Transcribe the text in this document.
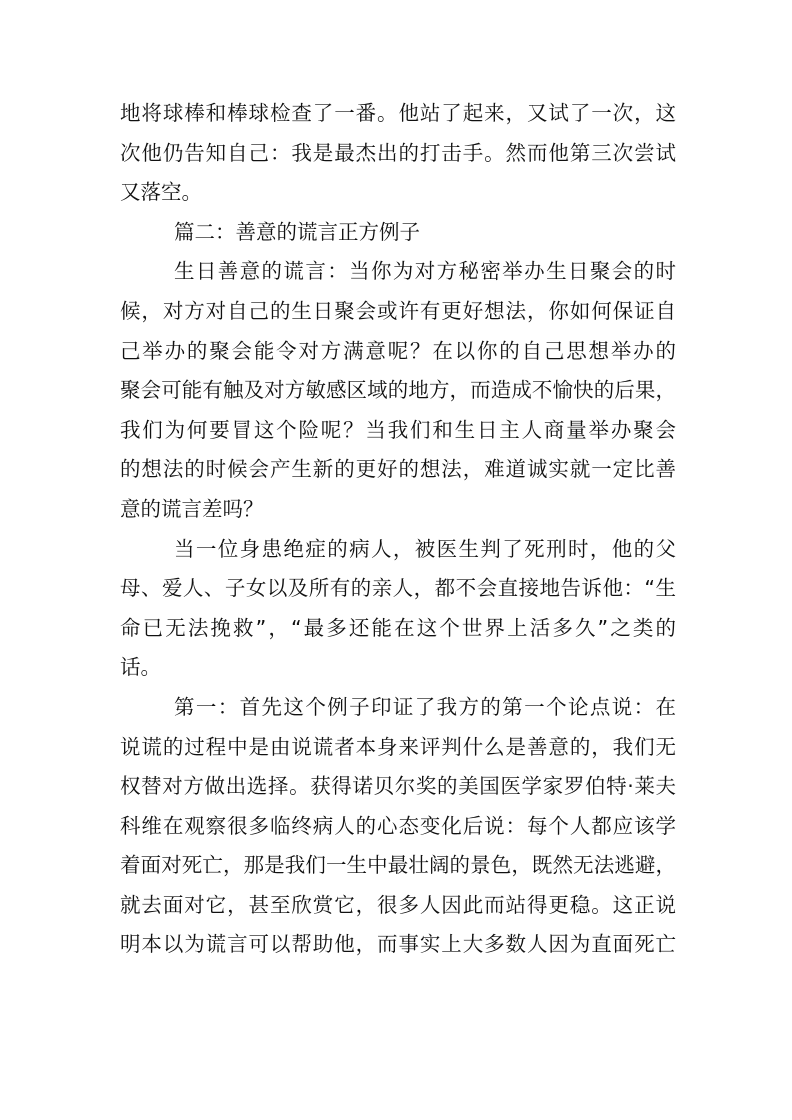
地将球棒和棒球检查了一番。他站了起来，又试了一次，这
次他仍告知自己：我是最杰出的打击手。然而他第三次尝试
又落空。
篇二：善意的谎言正方例子
生日善意的谎言：当你为对方秘密举办生日聚会的时
候，对方对自己的生日聚会或许有更好想法，你如何保证自
己举办的聚会能令对方满意呢？在以你的自己思想举办的
聚会可能有触及对方敏感区域的地方，而造成不愉快的后果，
我们为何要冒这个险呢？当我们和生日主人商量举办聚会
的想法的时候会产生新的更好的想法，难道诚实就一定比善
意的谎言差吗？
当一位身患绝症的病人，被医生判了死刑时，他的父
母、爱人、子女以及所有的亲人，都不会直接地告诉他：“生
命已无法挽救”，“最多还能在这个世界上活多久”之类的
话。
第一：首先这个例子印证了我方的第一个论点说：在
说谎的过程中是由说谎者本身来评判什么是善意的，我们无
权替对方做出选择。获得诺贝尔奖的美国医学家罗伯特·莱夫
科维在观察很多临终病人的心态变化后说：每个人都应该学
着面对死亡，那是我们一生中最壮阔的景色，既然无法逃避，
就去面对它，甚至欣赏它，很多人因此而站得更稳。这正说
明本以为谎言可以帮助他，而事实上大多数人因为直面死亡
